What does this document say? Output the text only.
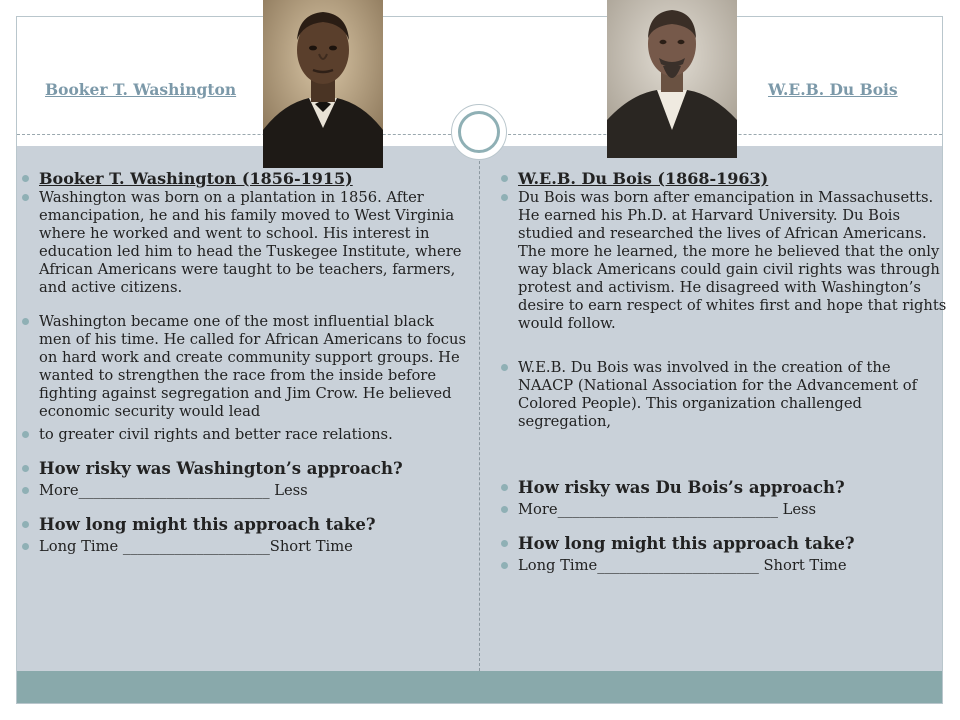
Booker T. Washington	W.E.B. Du Bois
Booker T. Washington (1856-1915)
Washington was born on a plantation in 1856. After emancipation, he and his family moved to West Virginia where he worked and went to school. His interest in education led him to head the Tuskegee Institute, where African Americans were taught to be teachers, farmers, and active citizens.
Washington became one of the most influential black men of his time. He called for African Americans to focus on hard work and create community support groups. He wanted to strengthen the race from the inside before fighting against segregation and Jim Crow. He believed economic security would lead
to greater civil rights and better race relations.
How risky was Washington’s approach?
More__________________________ Less
How long might this approach take?
Long Time ____________________Short Time
W.E.B. Du Bois (1868-1963)
Du Bois was born after emancipation in Massachusetts. He earned his Ph.D. at Harvard University. Du Bois studied and researched the lives of African Americans. The more he learned, the more he believed that the only way black Americans could gain civil rights was through protest and activism. He disagreed with Washington’s desire to earn respect of whites first and hope that rights would follow.
W.E.B. Du Bois was involved in the creation of the NAACP (National Association for the Advancement of Colored People). This organization challenged segregation,
How risky was Du Bois’s approach?
More______________________________ Less
How long might this approach take?
Long Time______________________ Short Time
